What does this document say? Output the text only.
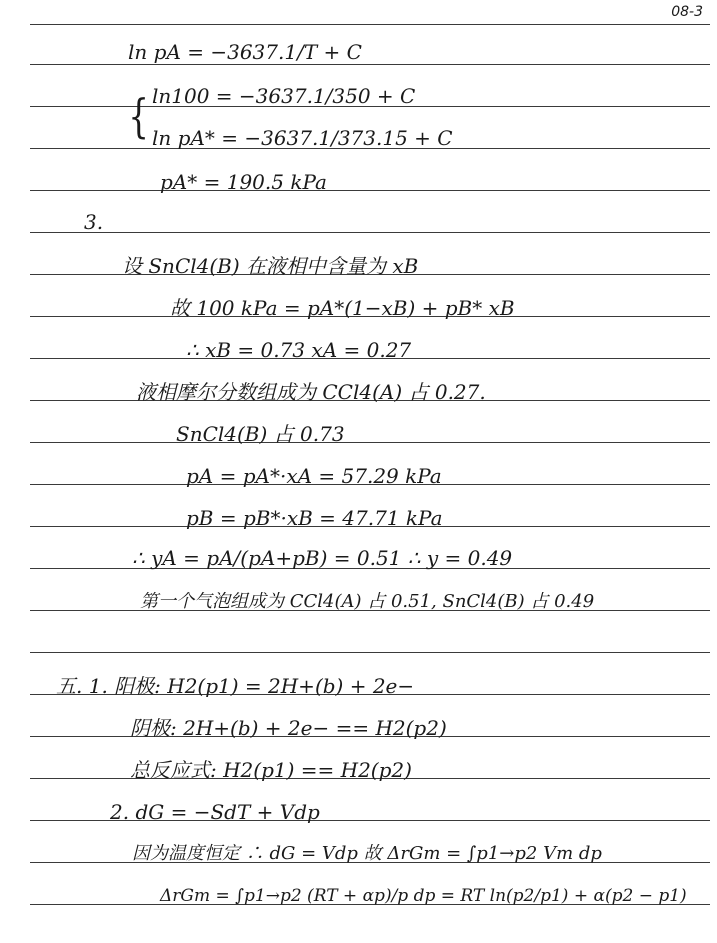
08-3
{
ln pA = −3637.1/T + C
ln100 = −3637.1/350 + C
ln pA* = −3637.1/373.15 + C
pA* = 190.5 kPa
3.
设 SnCl4(B) 在液相中含量为 xB
故 100 kPa = pA*(1−xB) + pB* xB
∴ xB = 0.73 xA = 0.27
液相摩尔分数组成为 CCl4(A) 占 0.27.
SnCl4(B) 占 0.73
pA = pA*·xA = 57.29 kPa
pB = pB*·xB = 47.71 kPa
∴ yA = pA/(pA+pB) = 0.51 ∴ y = 0.49
第一个气泡组成为 CCl4(A) 占 0.51, SnCl4(B) 占 0.49
五. 1. 阳极: H2(p1) = 2H+(b) + 2e−
阴极: 2H+(b) + 2e− == H2(p2)
总反应式: H2(p1) == H2(p2)
2. dG = −SdT + Vdp
因为温度恒定 ∴ dG = Vdp 故 ΔrGm = ∫p1→p2 Vm dp
ΔrGm = ∫p1→p2 (RT + αp)/p dp = RT ln(p2/p1) + α(p2 − p1)
